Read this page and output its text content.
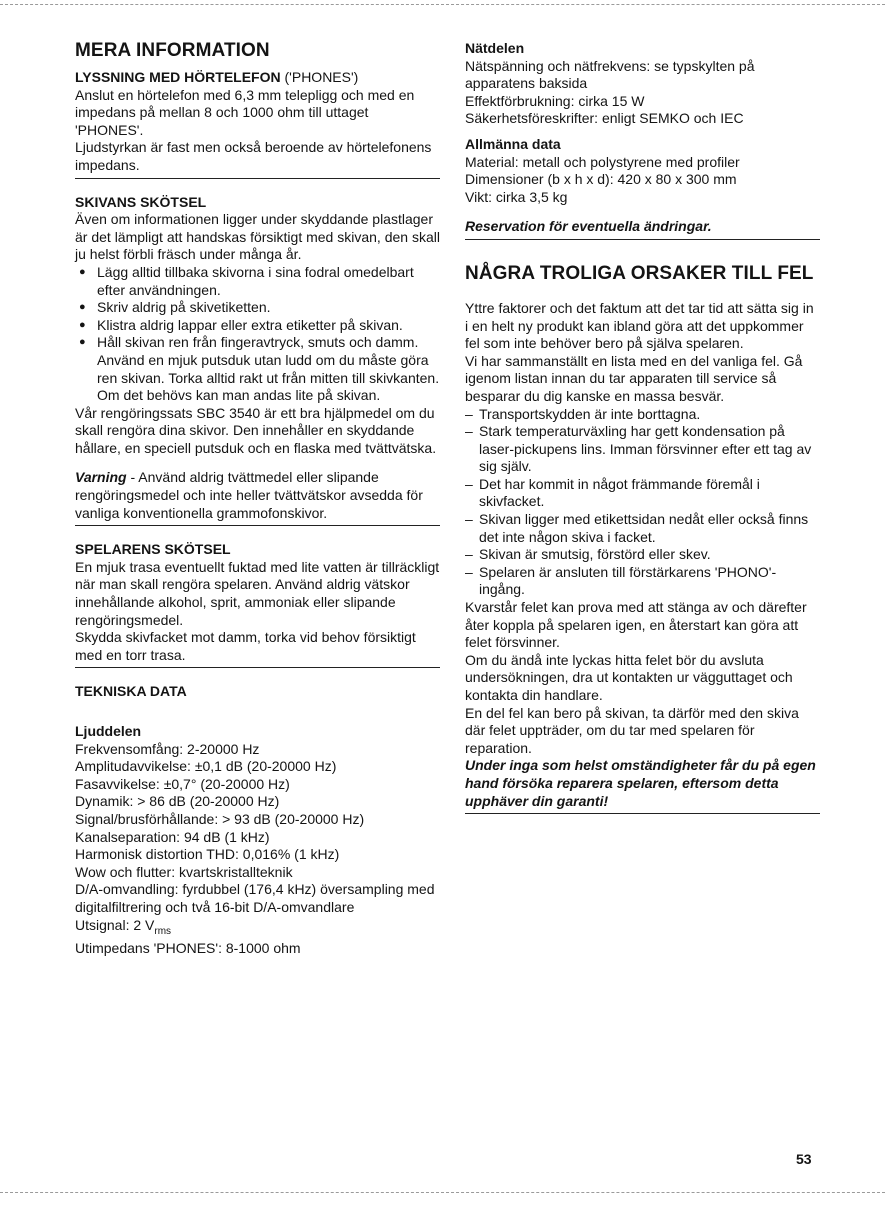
MERA INFORMATION
LYSSNING MED HÖRTELEFON ('PHONES')

Anslut en hörtelefon med 6,3 mm telepligg och med en impedans på mellan 8 och 1000 ohm till uttaget 'PHONES'.

Ljudstyrkan är fast men också beroende av hörtelefonens impedans.

SKIVANS SKÖTSEL

Även om informationen ligger under skyddande plastlager är det lämpligt att handskas försiktigt med skivan, den skall ju helst förbli fräsch under många år.

● Lägg alltid tillbaka skivorna i sina fodral omedelbart efter användningen.
● Skriv aldrig på skivetiketten.
● Klistra aldrig lappar eller extra etiketter på skivan.
● Håll skivan ren från fingeravtryck, smuts och damm. Använd en mjuk putsduk utan ludd om du måste göra ren skivan. Torka alltid rakt ut från mitten till skivkanten. Om det behövs kan man andas lite på skivan.

Vår rengöringssats SBC 3540 är ett bra hjälpmedel om du skall rengöra dina skivor. Den innehåller en skyddande hållare, en speciell putsduk och en flaska med tvättvätska.

Varning - Använd aldrig tvättmedel eller slipande rengöringsmedel och inte heller tvättvätskor avsedda för vanliga konventionella grammofonskivor.

SPELARENS SKÖTSEL

En mjuk trasa eventuellt fuktad med lite vatten är tillräckligt när man skall rengöra spelaren. Använd aldrig vätskor innehållande alkohol, sprit, ammoniak eller slipande rengöringsmedel.

Skydda skivfacket mot damm, torka vid behov försiktigt med en torr trasa.

TEKNISKA DATA
Ljuddelen
Frekvensomfång: 2-20000 Hz
Amplitudavvikelse: ±0,1 dB (20-20000 Hz)
Fasavvikelse: ±0,7° (20-20000 Hz)
Dynamik: > 86 dB (20-20000 Hz)
Signal/brusförhållande: > 93 dB (20-20000 Hz)
Kanalseparation: 94 dB (1 kHz)
Harmonisk distortion THD: 0,016% (1 kHz)
Wow och flutter: kvartskristallteknik
D/A-omvandling: fyrdubbel (176,4 kHz) översampling med digitalfiltrering och två 16-bit D/A-omvandlare
Utsignal: 2 $V_{rms}$
Utimpedans 'PHONES': 8-1000 ohm
Nätdelen
Nätspänning och nätfrekvens: se typskylten på apparatens baksida
Effektförbrukning: cirka 15 W
Säkerhetsföreskrifter: enligt SEMKO och IEC
Allmänna data
Material: metall och polystyrene med profiler
Dimensioner (b x h x d): 420 x 80 x 300 mm
Vikt: cirka 3,5 kg
Reservation för eventuella ändringar.
NÅGRA TROLIGA ORSAKER TILL FEL

Yttre faktorer och det faktum att det tar tid att sätta sig in i en helt ny produkt kan ibland göra att det uppkommer fel som inte behöver bero på själva spelaren.

Vi har sammanställt en lista med en del vanliga fel. Gå igenom listan innan du tar apparaten till service så besparar du dig kanske en massa besvär.

– Transportskydden är inte borttagna.
– Stark temperaturväxling har gett kondensation på laser-pickupens lins. Imman försvinner efter ett tag av sig själv.
– Det har kommit in något främmande föremål i skivfacket.
– Skivan ligger med etikettsidan nedåt eller också finns det inte någon skiva i facket.
– Skivan är smutsig, förstörd eller skev.
– Spelaren är ansluten till förstärkarens 'PHONO'-ingång.

Kvarstår felet kan prova med att stänga av och därefter åter koppla på spelaren igen, en återstart kan göra att felet försvinner.

Om du ändå inte lyckas hitta felet bör du avsluta undersökningen, dra ut kontakten ur vägguttaget och kontakta din handlare.

En del fel kan bero på skivan, ta därför med den skiva där felet uppträder, om du tar med spelaren för reparation.

Under inga som helst omständigheter får du på egen hand försöka reparera spelaren, eftersom detta upphäver din garanti!

53
